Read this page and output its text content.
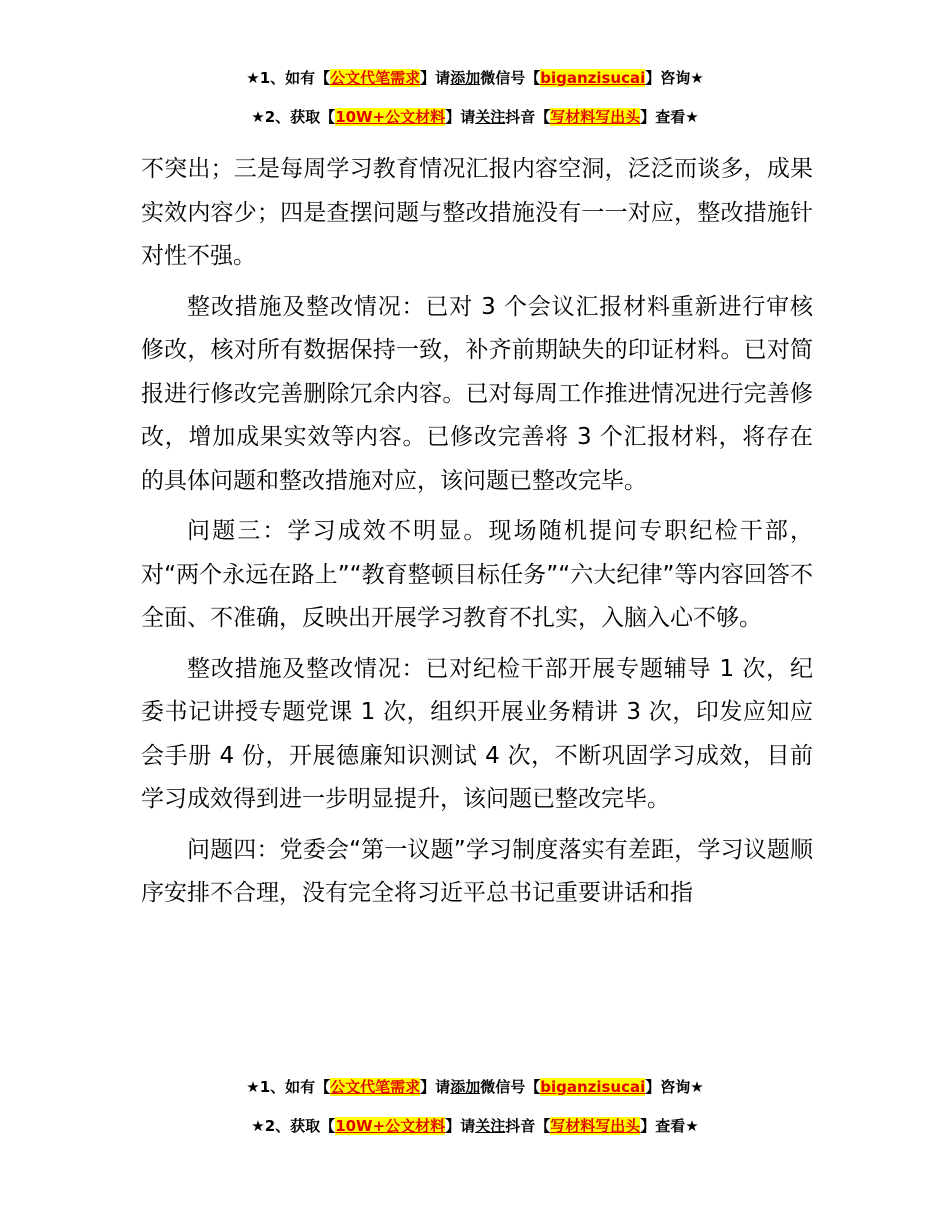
★1、如有【公文代笔需求】请添加微信号【biganzisucai】咨询★
★2、获取【10W+公文材料】请关注抖音【写材料写出头】查看★

不突出；三是每周学习教育情况汇报内容空洞，泛泛而谈多，成果实效内容少；四是查摆问题与整改措施没有一一对应，整改措施针对性不强。

整改措施及整改情况：已对 3 个会议汇报材料重新进行审核修改，核对所有数据保持一致，补齐前期缺失的印证材料。已对简报进行修改完善删除冗余内容。已对每周工作推进情况进行完善修改，增加成果实效等内容。已修改完善将 3 个汇报材料，将存在的具体问题和整改措施对应，该问题已整改完毕。

问题三：学习成效不明显。现场随机提问专职纪检干部，对“两个永远在路上”“教育整顿目标任务”“六大纪律”等内容回答不全面、不准确，反映出开展学习教育不扎实，入脑入心不够。

整改措施及整改情况：已对纪检干部开展专题辅导 1 次，纪委书记讲授专题党课 1 次，组织开展业务精讲 3 次，印发应知应会手册 4 份，开展德廉知识测试 4 次，不断巩固学习成效，目前学习成效得到进一步明显提升，该问题已整改完毕。

问题四：党委会“第一议题”学习制度落实有差距，学习议题顺序安排不合理，没有完全将习近平总书记重要讲话和指

★1、如有【公文代笔需求】请添加微信号【biganzisucai】咨询★
★2、获取【10W+公文材料】请关注抖音【写材料写出头】查看★
